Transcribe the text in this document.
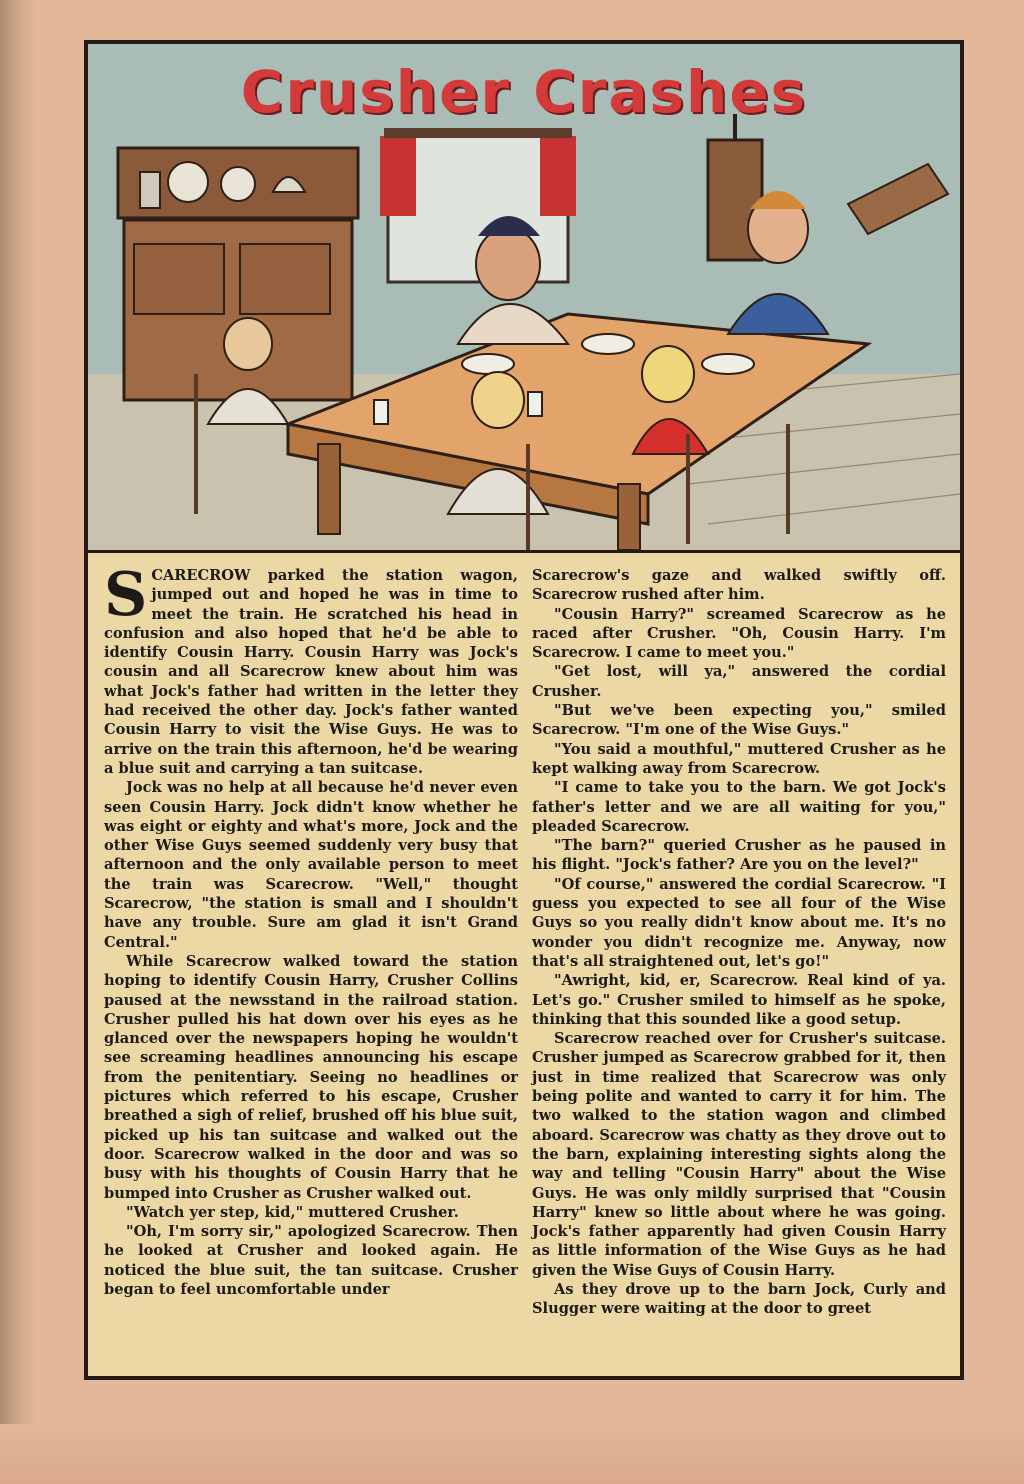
Crusher Crashes

SCARECROW parked the station wagon, jumped out and hoped he was in time to meet the train. He scratched his head in confusion and also hoped that he'd be able to identify Cousin Harry. Cousin Harry was Jock's cousin and all Scarecrow knew about him was what Jock's father had written in the letter they had received the other day. Jock's father wanted Cousin Harry to visit the Wise Guys. He was to arrive on the train this afternoon, he'd be wearing a blue suit and carrying a tan suitcase.

Jock was no help at all because he'd never even seen Cousin Harry. Jock didn't know whether he was eight or eighty and what's more, Jock and the other Wise Guys seemed suddenly very busy that afternoon and the only available person to meet the train was Scarecrow. "Well," thought Scarecrow, "the station is small and I shouldn't have any trouble. Sure am glad it isn't Grand Central."

While Scarecrow walked toward the station hoping to identify Cousin Harry, Crusher Collins paused at the newsstand in the railroad station. Crusher pulled his hat down over his eyes as he glanced over the newspapers hoping he wouldn't see screaming headlines announcing his escape from the penitentiary. Seeing no headlines or pictures which referred to his escape, Crusher breathed a sigh of relief, brushed off his blue suit, picked up his tan suitcase and walked out the door. Scarecrow walked in the door and was so busy with his thoughts of Cousin Harry that he bumped into Crusher as Crusher walked out.

"Watch yer step, kid," muttered Crusher.

"Oh, I'm sorry sir," apologized Scarecrow. Then he looked at Crusher and looked again. He noticed the blue suit, the tan suitcase. Crusher began to feel uncomfortable under

Scarecrow's gaze and walked swiftly off. Scarecrow rushed after him.

"Cousin Harry?" screamed Scarecrow as he raced after Crusher. "Oh, Cousin Harry. I'm Scarecrow. I came to meet you."

"Get lost, will ya," answered the cordial Crusher.

"But we've been expecting you," smiled Scarecrow. "I'm one of the Wise Guys."

"You said a mouthful," muttered Crusher as he kept walking away from Scarecrow.

"I came to take you to the barn. We got Jock's father's letter and we are all waiting for you," pleaded Scarecrow.

"The barn?" queried Crusher as he paused in his flight. "Jock's father? Are you on the level?"

"Of course," answered the cordial Scarecrow. "I guess you expected to see all four of the Wise Guys so you really didn't know about me. It's no wonder you didn't recognize me. Anyway, now that's all straightened out, let's go!"

"Awright, kid, er, Scarecrow. Real kind of ya. Let's go." Crusher smiled to himself as he spoke, thinking that this sounded like a good setup.

Scarecrow reached over for Crusher's suitcase. Crusher jumped as Scarecrow grabbed for it, then just in time realized that Scarecrow was only being polite and wanted to carry it for him. The two walked to the station wagon and climbed aboard. Scarecrow was chatty as they drove out to the barn, explaining interesting sights along the way and telling "Cousin Harry" about the Wise Guys. He was only mildly surprised that "Cousin Harry" knew so little about where he was going. Jock's father apparently had given Cousin Harry as little information of the Wise Guys as he had given the Wise Guys of Cousin Harry.

As they drove up to the barn Jock, Curly and Slugger were waiting at the door to greet
